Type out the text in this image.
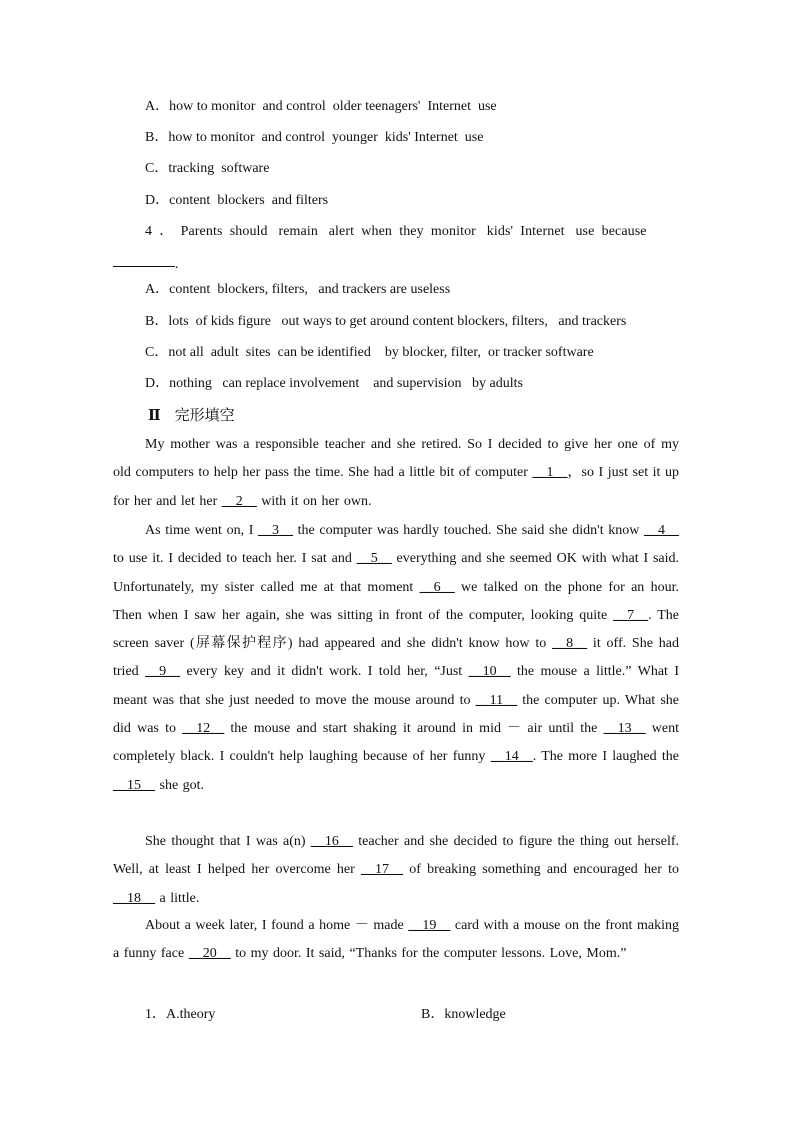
A．how to monitor  and control  older teenagers'  Internet  use
B．how to monitor  and control  younger  kids' Internet  use
C．tracking  software
D．content  blockers  and filters
4  ．  Parents  should   remain   alert  when  they  monitor   kids'  Internet   use  because
.
A．content  blockers, filters,   and trackers are useless
B．lots  of kids figure   out ways to get around content blockers, filters,   and trackers
C．not all  adult  sites  can be identified    by blocker, filter,  or tracker software
D．nothing   can replace involvement    and supervision   by adults
Ⅱ 完形填空
My mother was a responsible teacher and she retired. So I decided to give her one of my old computers to help her pass the time. She had a little bit of computer __1__，so I just set it up for her and let her __2__ with it on her own.
As time went on, I __3__ the computer was hardly touched. She said she didn't know __4__ to use it. I decided to teach her. I sat and __5__ everything and she seemed OK with what I said. Unfortunately, my sister called me at that moment __6__ we talked on the phone for an hour. Then when I saw her again, she was sitting in front of the computer, looking quite __7__. The screen saver (屏幕保护程序) had appeared and she didn't know how to __8__ it off. She had tried __9__ every key and it didn't work. I told her, “Just __10__ the mouse a little.” What I meant was that she just needed to move the mouse around to __11__ the computer up. What she did was to __12__ the mouse and start shaking it around in mid － air until the __13__ went completely black. I couldn't help laughing because of her funny __14__. The more I laughed the __15__ she got.
She thought that I was a(n) __16__ teacher and she decided to figure the thing out herself. Well, at least I helped her overcome her __17__ of breaking something and encouraged her to __18__ a little.
About a week later, I found a home － made __19__ card with a mouse on the front making a funny face __20__ to my door. It said, “Thanks for the computer lessons. Love, Mom.”
1．A.theory	B．knowledge
